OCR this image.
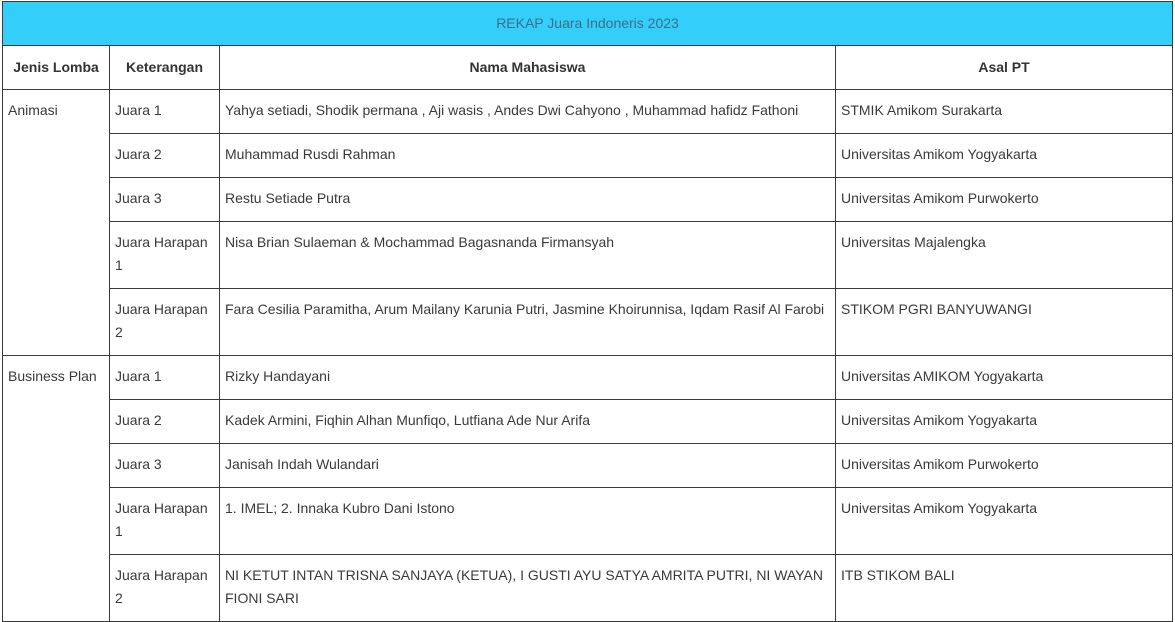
REKAP Juara Indoneris 2023			
Jenis Lomba	Keterangan	Nama Mahasiswa	Asal PT
Animasi	Juara 1	Yahya setiadi, Shodik permana , Aji wasis , Andes Dwi Cahyono , Muhammad hafidz Fathoni	STMIK Amikom Surakarta
	Juara 2	Muhammad Rusdi Rahman	Universitas Amikom Yogyakarta
	Juara 3	Restu Setiade Putra	Universitas Amikom Purwokerto
	Juara Harapan 1	Nisa Brian Sulaeman & Mochammad Bagasnanda Firmansyah	Universitas Majalengka
	Juara Harapan 2	Fara Cesilia Paramitha, Arum Mailany Karunia Putri, Jasmine Khoirunnisa, Iqdam Rasif Al Farobi	STIKOM PGRI BANYUWANGI
Business Plan	Juara 1	Rizky Handayani	Universitas AMIKOM Yogyakarta
	Juara 2	Kadek Armini, Fiqhin Alhan Munfiqo, Lutfiana Ade Nur Arifa	Universitas Amikom Yogyakarta
	Juara 3	Janisah Indah Wulandari	Universitas Amikom Purwokerto
	Juara Harapan 1	1. IMEL; 2. Innaka Kubro Dani Istono	Universitas Amikom Yogyakarta
	Juara Harapan 2	NI KETUT INTAN TRISNA SANJAYA (KETUA), I GUSTI AYU SATYA AMRITA PUTRI, NI WAYAN FIONI SARI	ITB STIKOM BALI
